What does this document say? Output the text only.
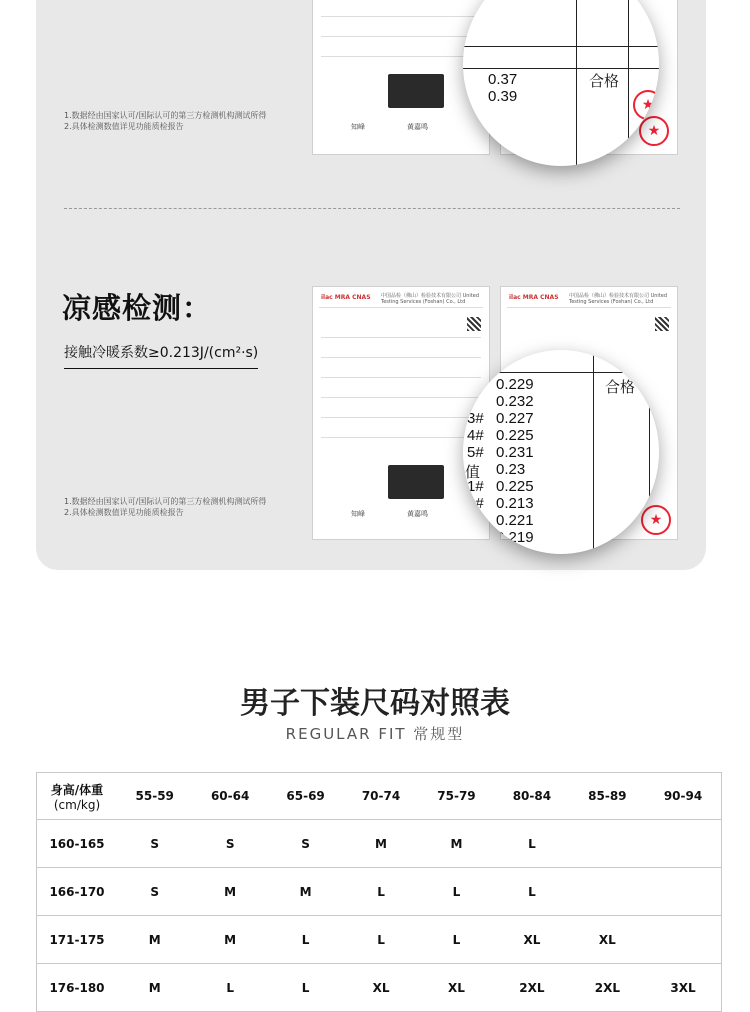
1.数据经由国家认可/国际认可的第三方检测机构测试所得
2.具体检测数值详见功能质检报告	知峰	黄嘉鸣	★
0.37
0.39
合格
★
凉感检测：
接触冷暖系数≥0.213J/(cm²·s)
1.数据经由国家认可/国际认可的第三方检测机构测试所得
2.具体检测数值详见功能质检报告
ilac MRA CNAS 中国品检（佛山）检验技术有限公司 United Testing Services (Foshan) Co., Ltd
知峰	黄嘉鸣
ilac MRA CNAS 中国品检（佛山）检验技术有限公司 United Testing Services (Foshan) Co., Ltd
★
0.229
0.232
3# 0.227
4# 0.225
5# 0.231
值 0.23
1# 0.225
2# 0.213
0.221
0.219
合格
男子下装尺码对照表
REGULAR FIT 常规型
身高/体重
(cm/kg)	55-59	60-64	65-69	70-74	75-79	80-84	85-89	90-94
160-165	S	S	S	M	M	L		
166-170	S	M	M	L	L	L		
171-175	M	M	L	L	L	XL	XL	
176-180	M	L	L	XL	XL	2XL	2XL	3XL
